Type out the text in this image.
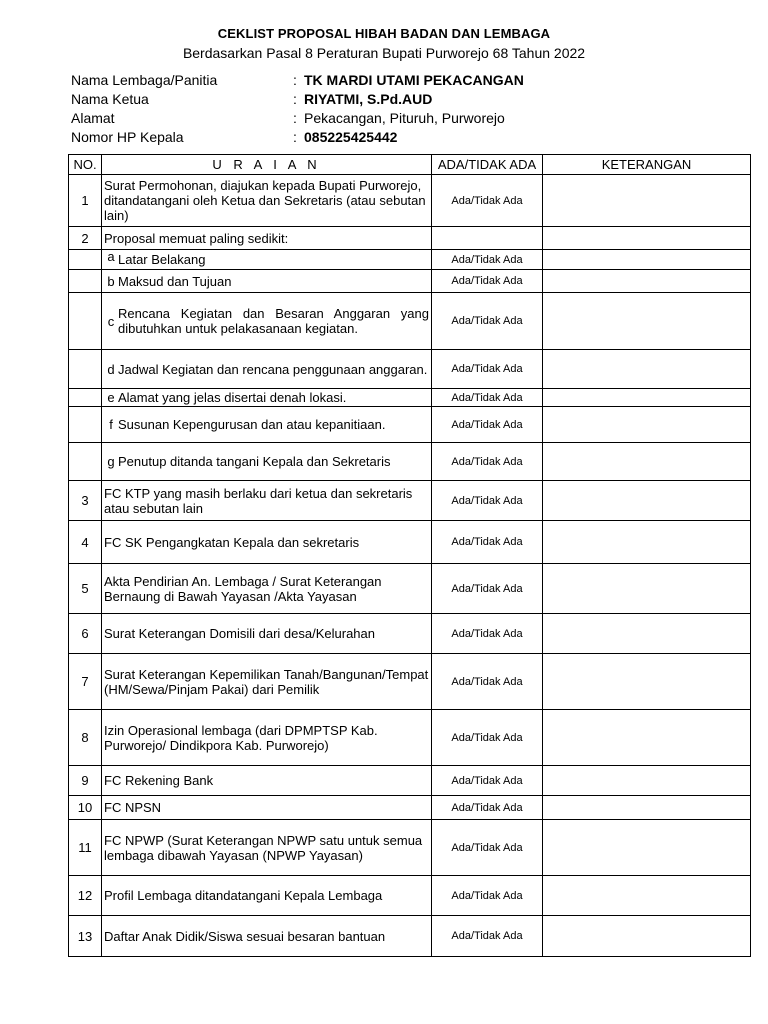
CEKLIST PROPOSAL HIBAH BADAN DAN LEMBAGA
Berdasarkan Pasal 8 Peraturan Bupati Purworejo 68 Tahun 2022
Nama Lembaga/Panitia	: TK MARDI UTAMI PEKACANGAN
Nama Ketua	: RIYATMI, S.Pd.AUD
Alamat	: Pekacangan, Pituruh, Purworejo
Nomor HP Kepala	: 085225425442
NO.	U R A I A N	ADA/TIDAK ADA	KETERANGAN
1	Surat Permohonan, diajukan kepada Bupati Purworejo, ditandatangani oleh Ketua dan Sekretaris (atau sebutan lain)	Ada/Tidak Ada	
2	Proposal memuat paling sedikit:		

	a Latar Belakang	Ada/Tidak Ada	

	b Maksud dan Tujuan	Ada/Tidak Ada	

	c Rencana Kegiatan dan Besaran Anggaran yang dibutuhkan untuk pelakasanaan kegiatan.	Ada/Tidak Ada	

	d Jadwal Kegiatan dan rencana penggunaan anggaran.	Ada/Tidak Ada	

	e Alamat yang jelas disertai denah lokasi.	Ada/Tidak Ada	

	f Susunan Kepengurusan dan atau kepanitiaan.	Ada/Tidak Ada	

	g Penutup ditanda tangani Kepala dan Sekretaris	Ada/Tidak Ada	
3	FC KTP yang masih berlaku dari ketua dan sekretaris atau sebutan lain	Ada/Tidak Ada	
4	FC SK Pengangkatan Kepala dan sekretaris	Ada/Tidak Ada	
5	Akta Pendirian An. Lembaga / Surat Keterangan Bernaung di Bawah Yayasan /Akta Yayasan	Ada/Tidak Ada	
6	Surat Keterangan Domisili dari desa/Kelurahan	Ada/Tidak Ada	
7	Surat Keterangan Kepemilikan Tanah/Bangunan/Tempat (HM/Sewa/Pinjam Pakai) dari Pemilik	Ada/Tidak Ada	
8	Izin Operasional lembaga (dari DPMPTSP Kab. Purworejo/ Dindikpora Kab. Purworejo)	Ada/Tidak Ada	
9	FC Rekening Bank	Ada/Tidak Ada	
10	FC NPSN	Ada/Tidak Ada	
11	FC NPWP (Surat Keterangan NPWP satu untuk semua lembaga dibawah Yayasan (NPWP Yayasan)	Ada/Tidak Ada	
12	Profil Lembaga ditandatangani Kepala Lembaga	Ada/Tidak Ada	
13	Daftar Anak Didik/Siswa sesuai besaran bantuan	Ada/Tidak Ada	
